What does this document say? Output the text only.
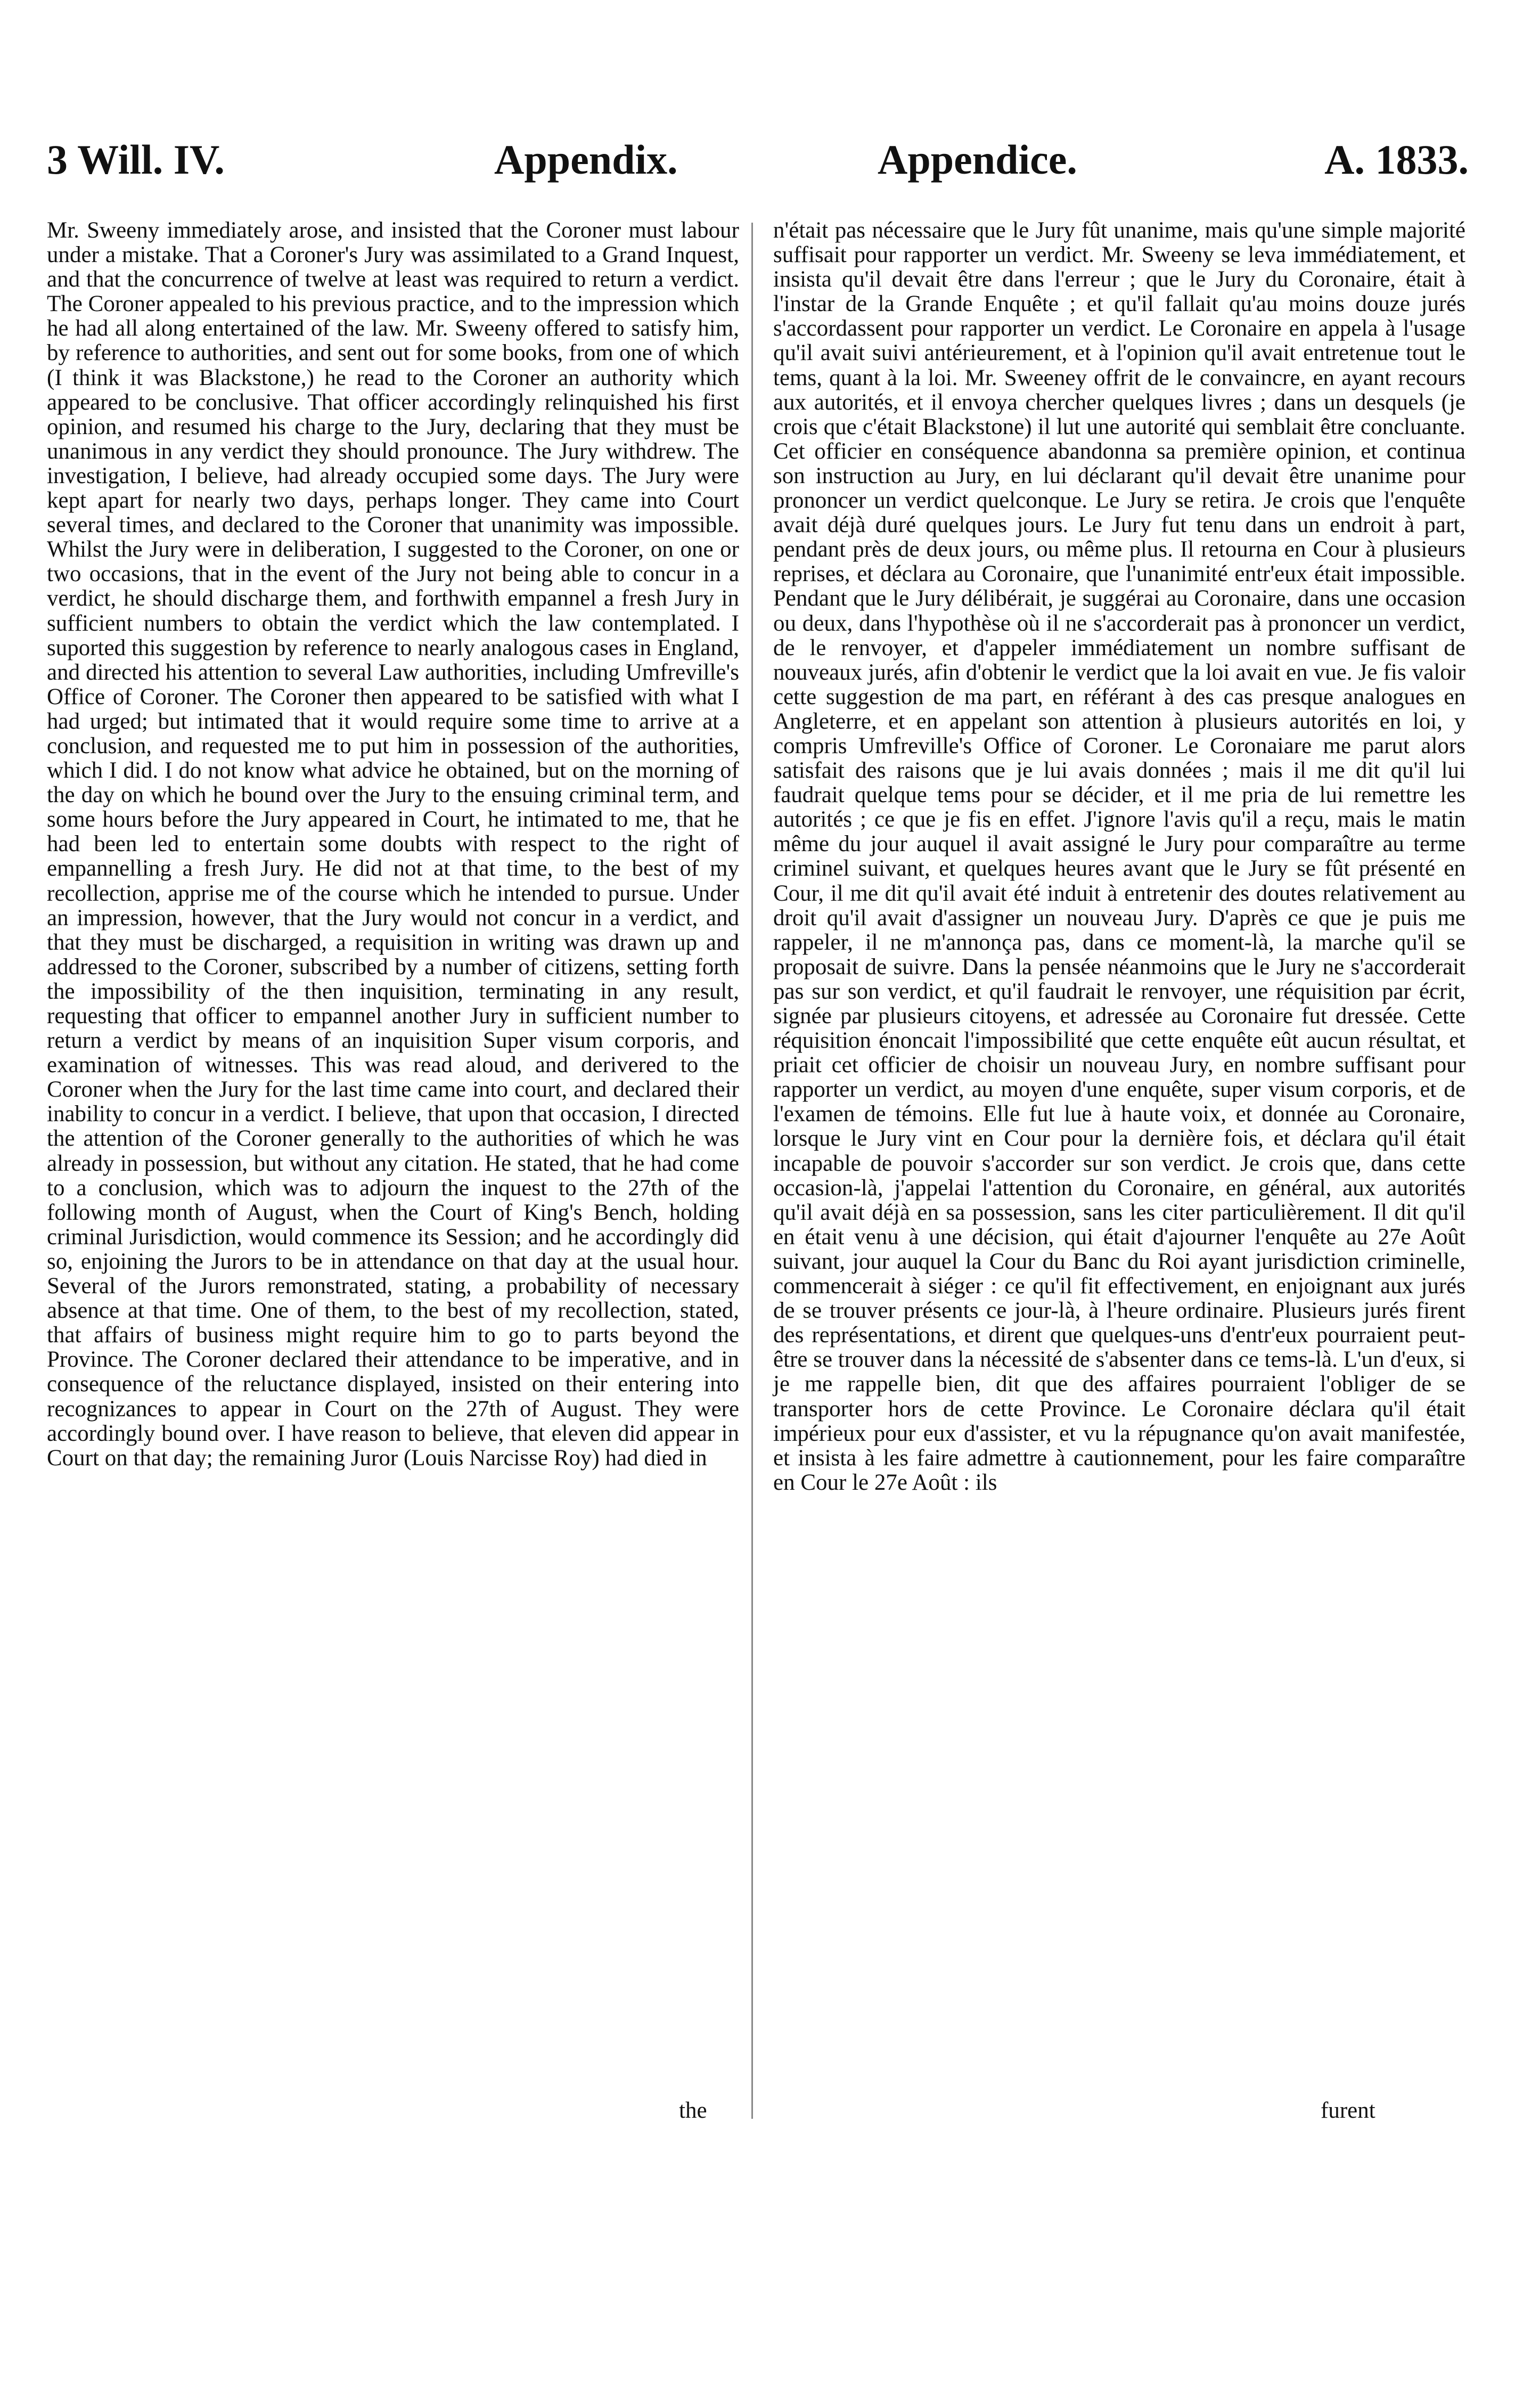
3 Will. IV.	Appendix.	Appendice.	A. 1833.
Mr. Sweeny immediately arose, and insisted that the Coroner must labour under a mistake. That a Coroner's Jury was assimilated to a Grand Inquest, and that the concurrence of twelve at least was required to return a verdict. The Coroner appealed to his previous practice, and to the impression which he had all along entertained of the law. Mr. Sweeny offered to satisfy him, by reference to authorities, and sent out for some books, from one of which (I think it was Blackstone,) he read to the Coroner an authority which appeared to be conclusive. That officer accordingly relinquished his first opinion, and resumed his charge to the Jury, declaring that they must be unanimous in any verdict they should pronounce. The Jury withdrew. The investigation, I believe, had already occupied some days. The Jury were kept apart for nearly two days, perhaps longer. They came into Court several times, and declared to the Coroner that unanimity was impossible. Whilst the Jury were in deliberation, I suggested to the Coroner, on one or two occasions, that in the event of the Jury not being able to concur in a verdict, he should discharge them, and forthwith empannel a fresh Jury in sufficient numbers to obtain the verdict which the law contemplated. I suported this suggestion by reference to nearly analogous cases in England, and directed his attention to several Law authorities, including Umfreville's Office of Coroner. The Coroner then appeared to be satisfied with what I had urged; but intimated that it would require some time to arrive at a conclusion, and requested me to put him in possession of the authorities, which I did. I do not know what advice he obtained, but on the morning of the day on which he bound over the Jury to the ensuing criminal term, and some hours before the Jury appeared in Court, he intimated to me, that he had been led to entertain some doubts with respect to the right of empannelling a fresh Jury. He did not at that time, to the best of my recollection, apprise me of the course which he intended to pursue. Under an impression, however, that the Jury would not concur in a verdict, and that they must be discharged, a requisition in writing was drawn up and addressed to the Coroner, subscribed by a number of citizens, setting forth the impossibility of the then inquisition, terminating in any result, requesting that officer to empannel another Jury in sufficient number to return a verdict by means of an inquisition Super visum corporis, and examination of witnesses. This was read aloud, and derivered to the Coroner when the Jury for the last time came into court, and declared their inability to concur in a verdict. I believe, that upon that occasion, I directed the attention of the Coroner generally to the authorities of which he was already in possession, but without any citation. He stated, that he had come to a conclusion, which was to adjourn the inquest to the 27th of the following month of August, when the Court of King's Bench, holding criminal Jurisdiction, would commence its Session; and he accordingly did so, enjoining the Jurors to be in attendance on that day at the usual hour. Several of the Jurors remonstrated, stating, a probability of necessary absence at that time. One of them, to the best of my recollection, stated, that affairs of business might require him to go to parts beyond the Province. The Coroner declared their attendance to be imperative, and in consequence of the reluctance displayed, insisted on their entering into recognizances to appear in Court on the 27th of August. They were accordingly bound over. I have reason to believe, that eleven did appear in Court on that day; the remaining Juror (Louis Narcisse Roy) had died in
n'était pas nécessaire que le Jury fût unanime, mais qu'une simple majorité suffisait pour rapporter un verdict. Mr. Sweeny se leva immédiatement, et insista qu'il devait être dans l'erreur ; que le Jury du Coronaire, était à l'instar de la Grande Enquête ; et qu'il fallait qu'au moins douze jurés s'accordassent pour rapporter un verdict. Le Coronaire en appela à l'usage qu'il avait suivi antérieurement, et à l'opinion qu'il avait entretenue tout le tems, quant à la loi. Mr. Sweeney offrit de le convaincre, en ayant recours aux autorités, et il envoya chercher quelques livres ; dans un desquels (je crois que c'était Blackstone) il lut une autorité qui semblait être concluante. Cet officier en conséquence abandonna sa première opinion, et continua son instruction au Jury, en lui déclarant qu'il devait être unanime pour prononcer un verdict quelconque. Le Jury se retira. Je crois que l'enquête avait déjà duré quelques jours. Le Jury fut tenu dans un endroit à part, pendant près de deux jours, ou même plus. Il retourna en Cour à plusieurs reprises, et déclara au Coronaire, que l'unanimité entr'eux était impossible. Pendant que le Jury délibérait, je suggérai au Coronaire, dans une occasion ou deux, dans l'hypothèse où il ne s'accorderait pas à prononcer un verdict, de le renvoyer, et d'appeler immédiatement un nombre suffisant de nouveaux jurés, afin d'obtenir le verdict que la loi avait en vue. Je fis valoir cette suggestion de ma part, en référant à des cas presque analogues en Angleterre, et en appelant son attention à plusieurs autorités en loi, y compris Umfreville's Office of Coroner. Le Coronaiare me parut alors satisfait des raisons que je lui avais données ; mais il me dit qu'il lui faudrait quelque tems pour se décider, et il me pria de lui remettre les autorités ; ce que je fis en effet. J'ignore l'avis qu'il a reçu, mais le matin même du jour auquel il avait assigné le Jury pour comparaître au terme criminel suivant, et quelques heures avant que le Jury se fût présenté en Cour, il me dit qu'il avait été induit à entretenir des doutes relativement au droit qu'il avait d'assigner un nouveau Jury. D'après ce que je puis me rappeler, il ne m'annonça pas, dans ce moment-là, la marche qu'il se proposait de suivre. Dans la pensée néanmoins que le Jury ne s'accorderait pas sur son verdict, et qu'il faudrait le renvoyer, une réquisition par écrit, signée par plusieurs citoyens, et adressée au Coronaire fut dressée. Cette réquisition énoncait l'impossibilité que cette enquête eût aucun résultat, et priait cet officier de choisir un nouveau Jury, en nombre suffisant pour rapporter un verdict, au moyen d'une enquête, super visum corporis, et de l'examen de témoins. Elle fut lue à haute voix, et donnée au Coronaire, lorsque le Jury vint en Cour pour la dernière fois, et déclara qu'il était incapable de pouvoir s'accorder sur son verdict. Je crois que, dans cette occasion-là, j'appelai l'attention du Coronaire, en général, aux autorités qu'il avait déjà en sa possession, sans les citer particulièrement. Il dit qu'il en était venu à une décision, qui était d'ajourner l'enquête au 27e Août suivant, jour auquel la Cour du Banc du Roi ayant jurisdiction criminelle, commencerait à siéger : ce qu'il fit effectivement, en enjoignant aux jurés de se trouver présents ce jour-là, à l'heure ordinaire. Plusieurs jurés firent des représentations, et dirent que quelques-uns d'entr'eux pourraient peut-être se trouver dans la nécessité de s'absenter dans ce tems-là. L'un d'eux, si je me rappelle bien, dit que des affaires pourraient l'obliger de se transporter hors de cette Province. Le Coronaire déclara qu'il était impérieux pour eux d'assister, et vu la répugnance qu'on avait manifestée, et insista à les faire admettre à cautionnement, pour les faire comparaître en Cour le 27e Août : ils
the	furent
